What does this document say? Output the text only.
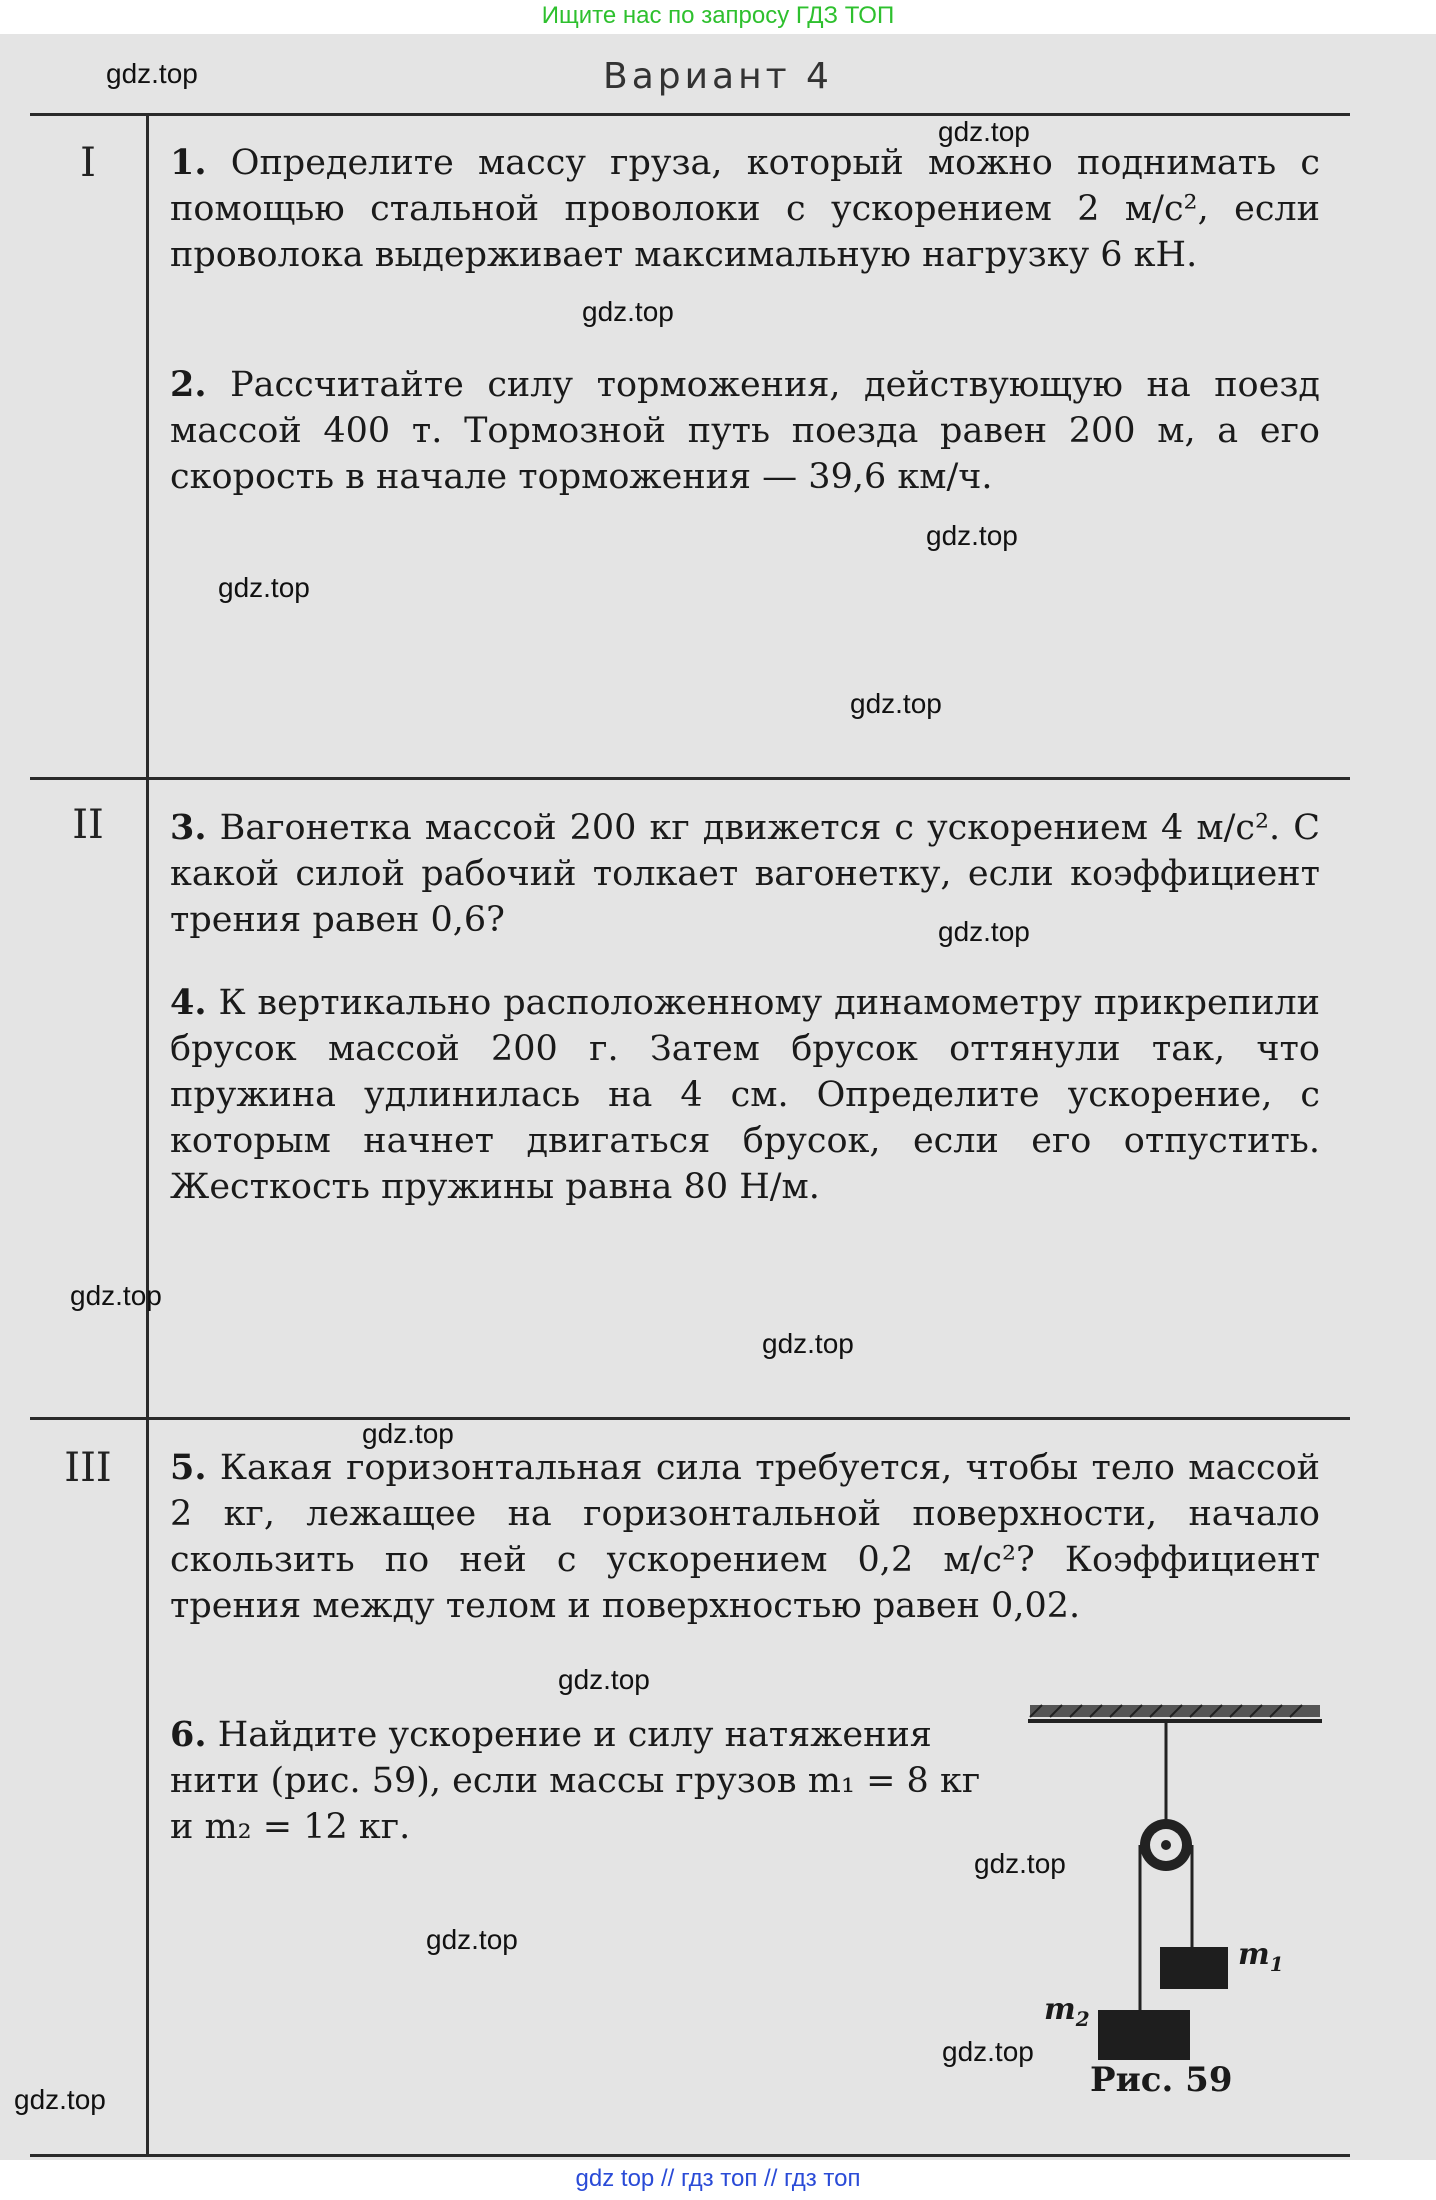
Ищите нас по запросу ГДЗ ТОП
Вариант 4
I
II
III
1. Определите массу груза, который можно поднимать с помощью стальной проволоки с ускорением 2 м/с², если проволока выдерживает максимальную нагрузку 6 кН.
2. Рассчитайте силу торможения, действующую на поезд массой 400 т. Тормозной путь поезда равен 200 м, а его скорость в начале торможения — 39,6 км/ч.
3. Вагонетка массой 200 кг движется с ускорением 4 м/с². С какой силой рабочий толкает вагонетку, если коэффициент трения равен 0,6?
4. К вертикально расположенному динамометру прикрепили брусок массой 200 г. Затем брусок оттянули так, что пружина удлинилась на 4 см. Определите ускорение, с которым начнет двигаться брусок, если его отпустить. Жесткость пружины равна 80 Н/м.
5. Какая горизонтальная сила требуется, чтобы тело массой 2 кг, лежащее на горизонтальной поверхности, начало скользить по ней с ускорением 0,2 м/с²? Коэффициент трения между телом и поверхностью равен 0,02.
6. Найдите ускорение и силу натяжения нити (рис. 59), если массы грузов m₁ = 8 кг и m₂ = 12 кг.
$m_1$
$m_2$
Рис. 59
gdz.top
gdz.top
gdz.top
gdz.top
gdz.top
gdz.top
gdz.top
gdz.top
gdz.top
gdz.top
gdz.top
gdz.top
gdz.top
gdz.top
gdz.top
gdz top // гдз топ // гдз топ
